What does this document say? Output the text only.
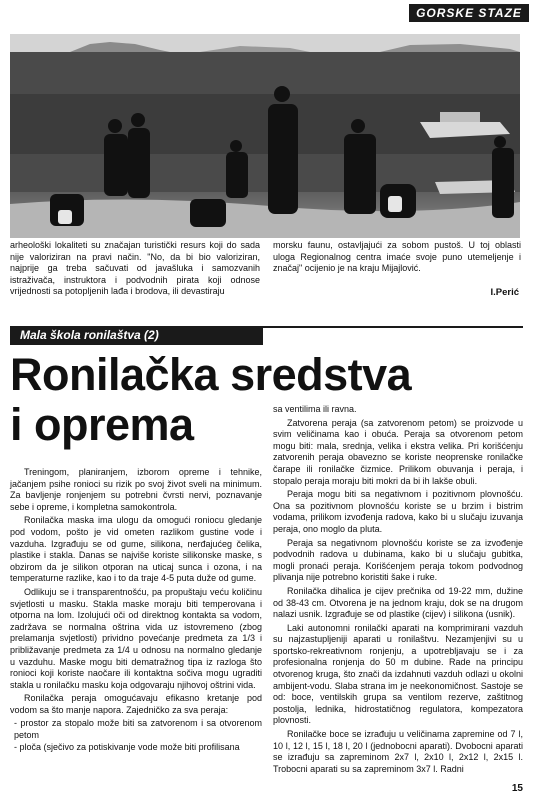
GORSKE STAZE
arheološki lokaliteti su značajan turistički resurs koji do sada nije valoriziran na pravi način. "No, da bi bio valoriziran, najprije ga treba sačuvati od javašluka i samozvanih istraživača, instruktora i podvodnih pirata koji odnose vrijednosti sa potopljenih lađa i brodova, ili devastiraju
morsku faunu, ostavljajući za sobom pustoš. U toj oblasti uloga Regionalnog centra imaće svoje puno utemeljenje i značaj" ocijenio je na kraju Mijajlović.
I.Perić
Mala škola ronilaštva (2)
Ronilačka sredstva
i oprema

Treningom, planiranjem, izborom opreme i tehnike, jačanjem psihe ronioci su rizik po svoj život sveli na minimum. Za bavljenje ronjenjem su potrebni čvrsti nervi, poznavanje sebe i opreme, i kompletna samokontrola.

Ronilačka maska ima ulogu da omogući roniocu gledanje pod vodom, pošto je vid ometen razlikom gustine vode i vazduha. Izgrađuju se od gume, silikona, nerđajućeg čelika, plastike i stakla. Danas se najviše koriste silikonske maske, s obzirom da je silikon otporan na uticaj sunca i ozona, i na temperaturne razlike, kao i to da traje 4-5 puta duže od gume.

Odlikuju se i transparentnošću, pa propuštaju veću količinu svjetlosti u masku. Stakla maske moraju biti temperovana i otporna na lom. Izolujući oči od direktnog kontakta sa vodom, zadržava se normalna oštrina vida uz istovremeno (zbog prelamanja svjetlosti) prividno povećanje predmeta za 1/3 i približavanje predmeta za 1/4 u odnosu na normalno gledanje u vazduhu. Maske mogu biti dematražnog tipa iz razloga što ronioci koji koriste naočare ili kontaktna sočiva mogu ugraditi stakla u ronilačku masku koja odgovaraju njihovoj oštrini vida.

Ronilačka peraja omogućavaju efikasno kretanje pod vodom sa što manje napora. Zajedničko za sva peraja:

- prostor za stopalo može biti sa zatvorenom i sa otvorenom petom
- ploča (sječivo za potiskivanje vode može biti profilisana

sa ventilima ili ravna.

Zatvorena peraja (sa zatvorenom petom) se proizvode u svim veličinama kao i obuća. Peraja sa otvorenom petom mogu biti: mala, srednja, velika i ekstra velika. Pri korišćenju zatvorenih peraja obavezno se koriste neoprenske ronilačke čarape ili ronilačke čizmice. Prilikom obuvanja i peraja, i stopalo peraja moraju biti mokri da bi ih lakše obuli.

Peraja mogu biti sa negativnom i pozitivnom plovnošću. Ona sa pozitivnom plovnošću koriste se u brzim i bistrim vodama, prilikom izvođenja radova, kako bi u slučaju izuvanja peraja, ono moglo da pluta.

Peraja sa negativnom plovnošću koriste se za izvođenje podvodnih radova u dubinama, kako bi u slučaju gubitka, mogli pronaći peraja. Korišćenjem peraja tokom podvodnog plivanja nije potrebno koristiti šake i ruke.

Ronilačka dihalica je cijev prečnika od 19-22 mm, dužine od 38-43 cm. Otvorena je na jednom kraju, dok se na drugom nalazi usnik. Izgrađuje se od plastike (cijev) i silikona (usnik).

Laki autonomni ronilački aparati na komprimirani vazduh su najzastupljeniji aparati u ronilaštvu. Nezamjenjivi su u sportsko-rekreativnom ronjenju, a upotrebljavaju se i za profesionalna ronjenja do 50 m dubine. Rade na principu otvorenog kruga, što znači da izdahnuti vazduh odlazi u okolni ambijent-vodu. Slaba strana im je neekonomičnost. Sastoje se od: boce, ventilskih grupa sa ventilom rezerve, zaštitnog postolja, lednika, hidrostatičnog regulatora, kompezatora plovnosti.

Ronilačke boce se izrađuju u veličinama zapremine od 7 l, 10 l, 12 l, 15 l, 18 l, 20 l (jednobocni aparati). Dvobocni aparati se izrađuju sa zapreminom 2x7 l, 2x10 l, 2x12 l, 2x15 l. Trobocni aparati su sa zapreminom 3x7 l. Radni

15
